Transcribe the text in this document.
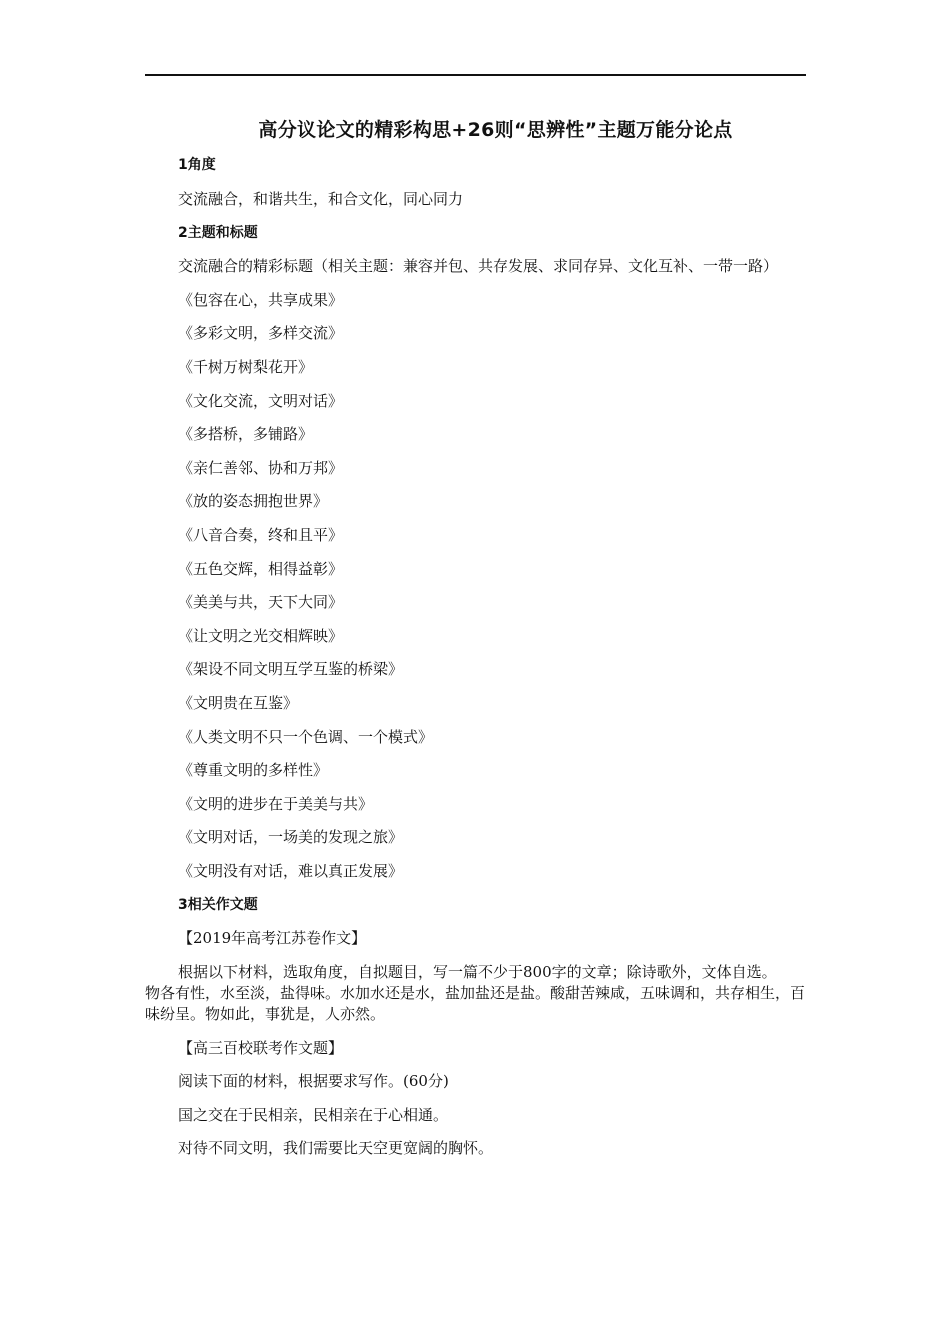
高分议论文的精彩构思+26则“思辨性”主题万能分论点
1角度

交流融合，和谐共生，和合文化，同心同力

2主题和标题

交流融合的精彩标题（相关主题：兼容并包、共存发展、求同存异、文化互补、一带一路）

《包容在心，共享成果》

《多彩文明，多样交流》

《千树万树梨花开》

《文化交流，文明对话》

《多搭桥，多铺路》

《亲仁善邻、协和万邦》

《放的姿态拥抱世界》

《八音合奏，终和且平》

《五色交辉，相得益彰》

《美美与共，天下大同》

《让文明之光交相辉映》

《架设不同文明互学互鉴的桥梁》

《文明贵在互鉴》

《人类文明不只一个色调、一个模式》

《尊重文明的多样性》

《文明的进步在于美美与共》

《文明对话，一场美的发现之旅》

《文明没有对话，难以真正发展》

3相关作文题

【2019年高考江苏卷作文】

根据以下材料，选取角度，自拟题目，写一篇不少于800字的文章；除诗歌外，文体自选。

物各有性，水至淡，盐得味。水加水还是水，盐加盐还是盐。酸甜苦辣咸，五味调和，共存相生，百味纷呈。物如此，事犹是，人亦然。

【高三百校联考作文题】

阅读下面的材料，根据要求写作。(60分)

国之交在于民相亲，民相亲在于心相通。

对待不同文明，我们需要比天空更宽阔的胸怀。
